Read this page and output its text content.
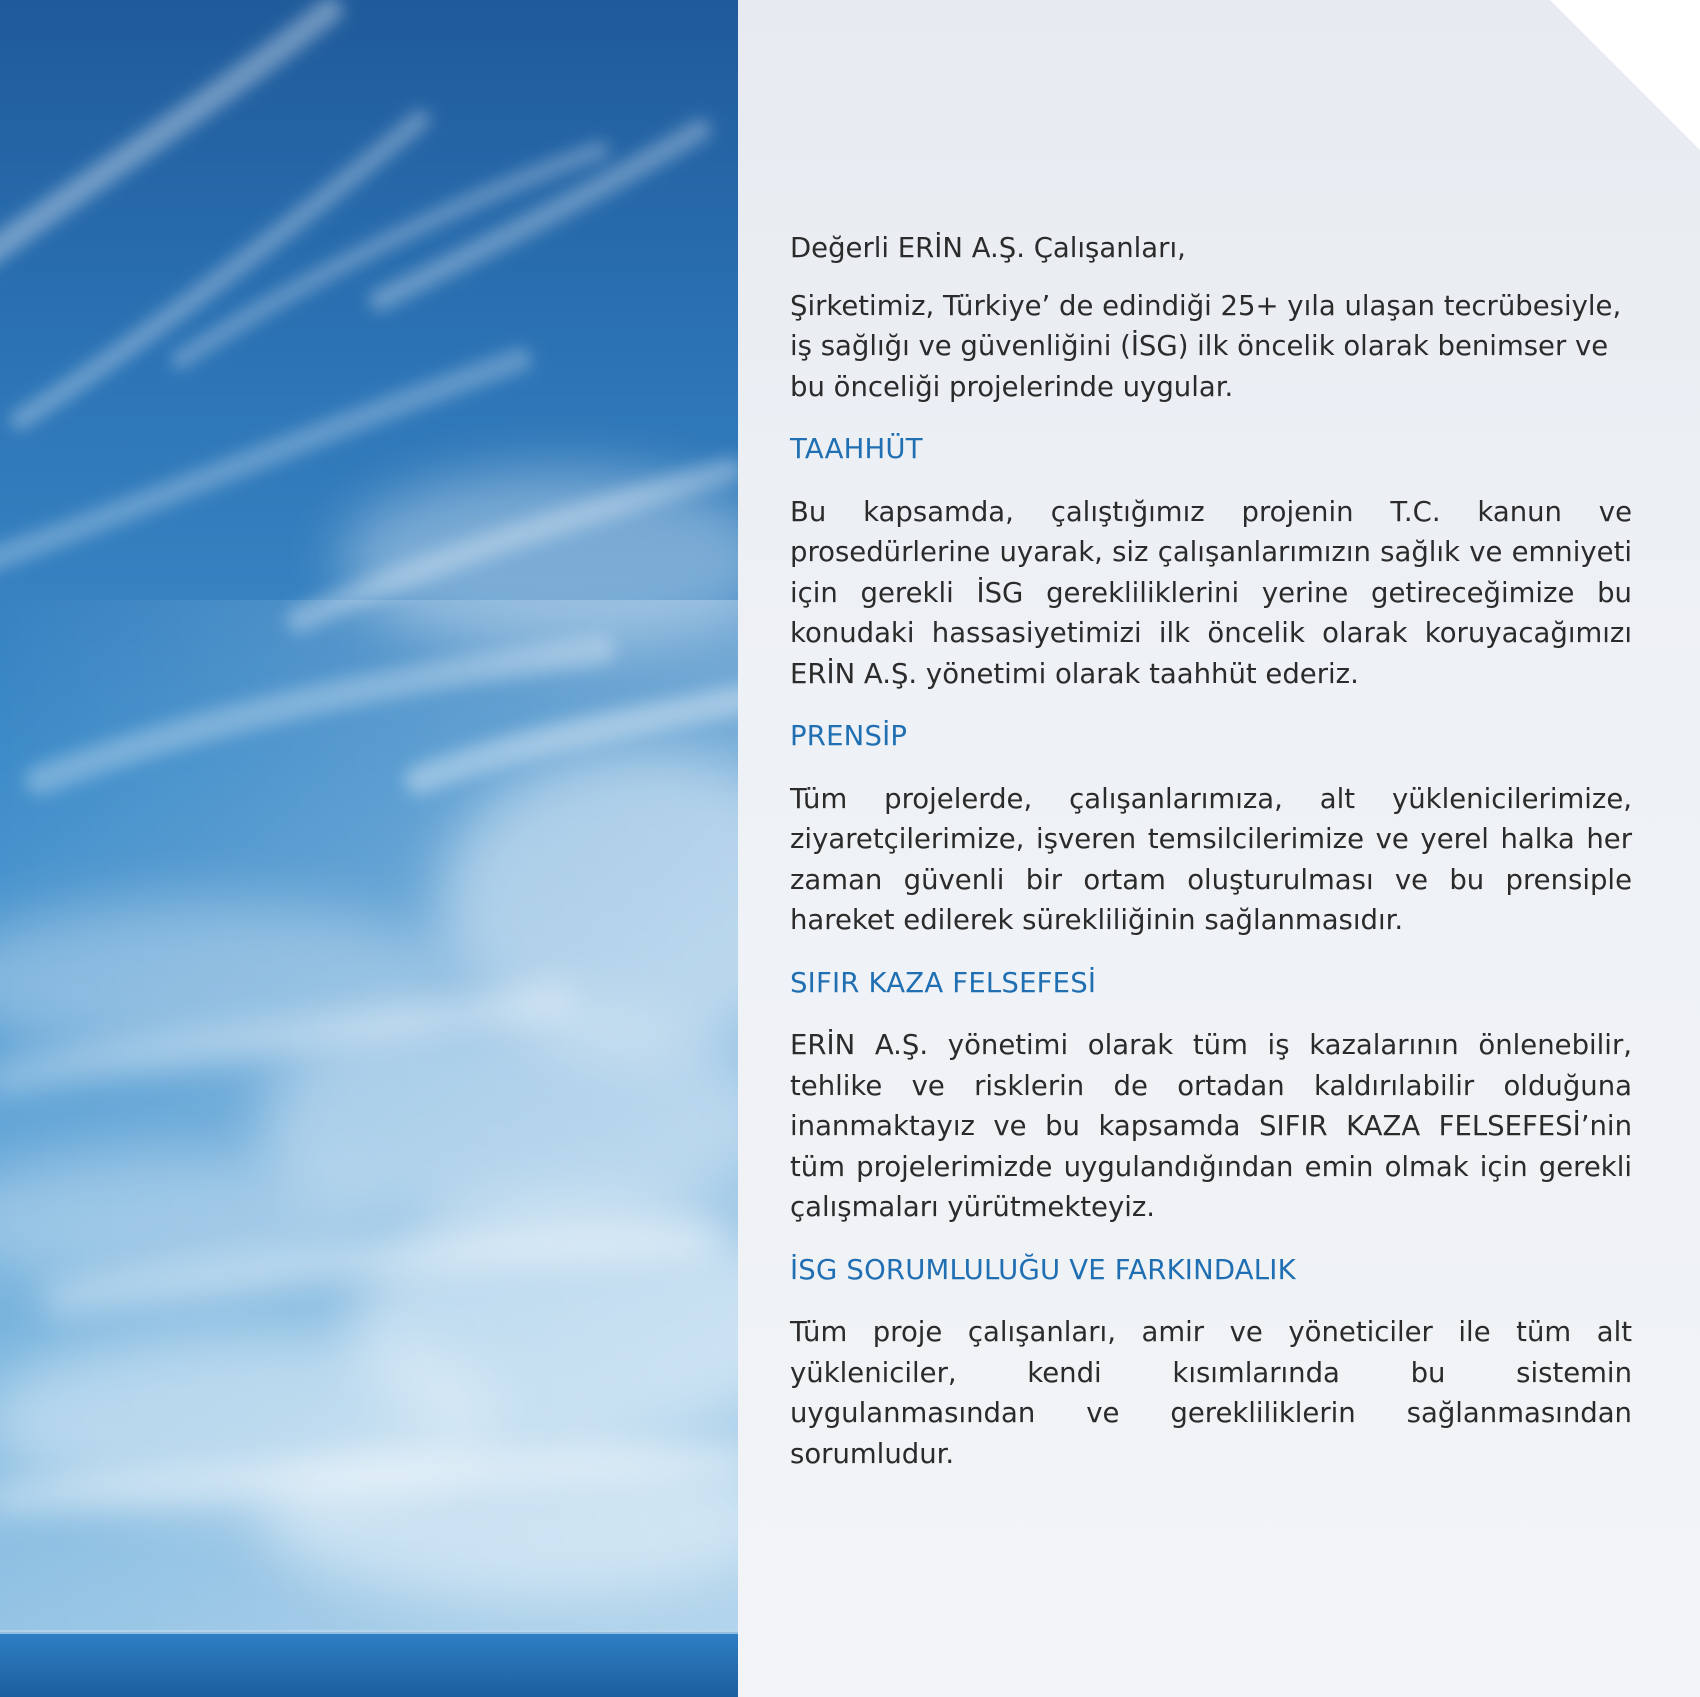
Değerli ERİN A.Ş. Çalışanları,

Şirketimiz, Türkiye’ de edindiği 25+ yıla ulaşan tecrübesiyle, iş sağlığı ve güvenliğini (İSG) ilk öncelik olarak benimser ve bu önceliği projelerinde uygular.

TAAHHÜT

Bu kapsamda, çalıştığımız projenin T.C. kanun ve prosedürlerine uyarak, siz çalışanlarımızın sağlık ve emniyeti için gerekli İSG gerekliliklerini yerine getireceğimize bu konudaki hassasiyetimizi ilk öncelik olarak koruyacağımızı ERİN A.Ş. yönetimi olarak taahhüt ederiz.

PRENSİP

Tüm projelerde, çalışanlarımıza, alt yüklenicilerimize, ziyaretçilerimize, işveren temsilcilerimize ve yerel halka her zaman güvenli bir ortam oluşturulması ve bu prensiple hareket edilerek sürekliliğinin sağlanmasıdır.

SIFIR KAZA FELSEFESİ

ERİN A.Ş. yönetimi olarak tüm iş kazalarının önlenebilir, tehlike ve risklerin de ortadan kaldırılabilir olduğuna inanmaktayız ve bu kapsamda SIFIR KAZA FELSEFESİ’nin tüm projelerimizde uygulandığından emin olmak için gerekli çalışmaları yürütmekteyiz.

İSG SORUMLULUĞU VE FARKINDALIK

Tüm proje çalışanları, amir ve yöneticiler ile tüm alt yükleniciler, kendi kısımlarında bu sistemin uygulanmasından ve gerekliliklerin sağlanmasından sorumludur.
